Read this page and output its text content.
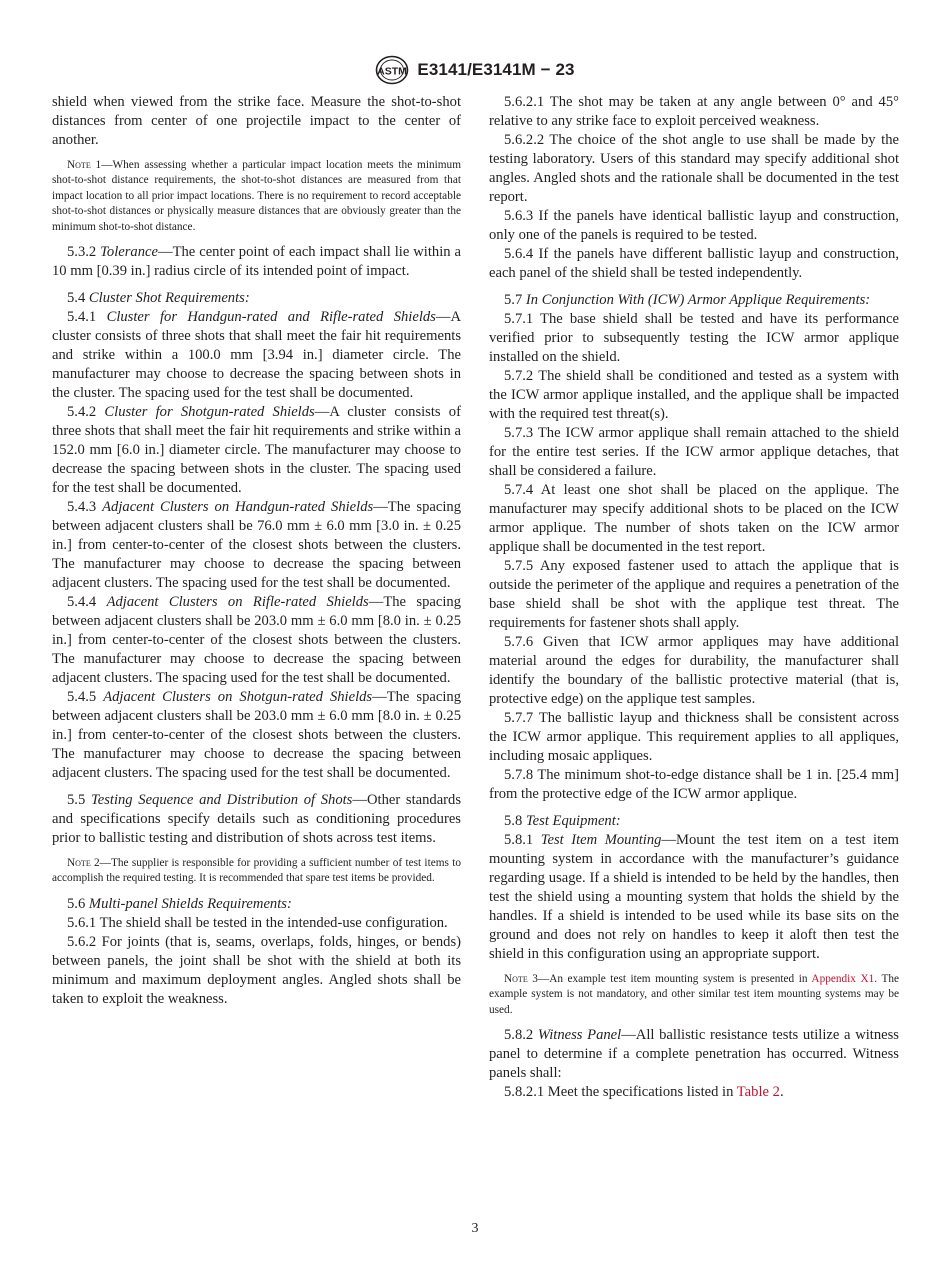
ASTM E3141/E3141M − 23

shield when viewed from the strike face. Measure the shot-to-shot distances from center of one projectile impact to the center of another.

Note 1—When assessing whether a particular impact location meets the minimum shot-to-shot distance requirements, the shot-to-shot distances are measured from that impact location to all prior impact locations. There is no requirement to record acceptable shot-to-shot distances or physically measure distances that are obviously greater than the minimum shot-to-shot distance.

5.3.2 Tolerance—The center point of each impact shall lie within a 10 mm [0.39 in.] radius circle of its intended point of impact.

5.4 Cluster Shot Requirements:

5.4.1 Cluster for Handgun-rated and Rifle-rated Shields—A cluster consists of three shots that shall meet the fair hit requirements and strike within a 100.0 mm [3.94 in.] diameter circle. The manufacturer may choose to decrease the spacing between shots in the cluster. The spacing used for the test shall be documented.

5.4.2 Cluster for Shotgun-rated Shields—A cluster consists of three shots that shall meet the fair hit requirements and strike within a 152.0 mm [6.0 in.] diameter circle. The manufacturer may choose to decrease the spacing between shots in the cluster. The spacing used for the test shall be documented.

5.4.3 Adjacent Clusters on Handgun-rated Shields—The spacing between adjacent clusters shall be 76.0 mm ± 6.0 mm [3.0 in. ± 0.25 in.] from center-to-center of the closest shots between the clusters. The manufacturer may choose to decrease the spacing between adjacent clusters. The spacing used for the test shall be documented.

5.4.4 Adjacent Clusters on Rifle-rated Shields—The spacing between adjacent clusters shall be 203.0 mm ± 6.0 mm [8.0 in. ± 0.25 in.] from center-to-center of the closest shots between the clusters. The manufacturer may choose to decrease the spacing between adjacent clusters. The spacing used for the test shall be documented.

5.4.5 Adjacent Clusters on Shotgun-rated Shields—The spacing between adjacent clusters shall be 203.0 mm ± 6.0 mm [8.0 in. ± 0.25 in.] from center-to-center of the closest shots between the clusters. The manufacturer may choose to decrease the spacing between adjacent clusters. The spacing used for the test shall be documented.

5.5 Testing Sequence and Distribution of Shots—Other standards and specifications specify details such as conditioning procedures prior to ballistic testing and distribution of shots across test items.

Note 2—The supplier is responsible for providing a sufficient number of test items to accomplish the required testing. It is recommended that spare test items be provided.

5.6 Multi-panel Shields Requirements:

5.6.1 The shield shall be tested in the intended-use configuration.

5.6.2 For joints (that is, seams, overlaps, folds, hinges, or bends) between panels, the joint shall be shot with the shield at both its minimum and maximum deployment angles. Angled shots shall be taken to exploit the weakness.

5.6.2.1 The shot may be taken at any angle between 0° and 45° relative to any strike face to exploit perceived weakness.

5.6.2.2 The choice of the shot angle to use shall be made by the testing laboratory. Users of this standard may specify additional shot angles. Angled shots and the rationale shall be documented in the test report.

5.6.3 If the panels have identical ballistic layup and construction, only one of the panels is required to be tested.

5.6.4 If the panels have different ballistic layup and construction, each panel of the shield shall be tested independently.

5.7 In Conjunction With (ICW) Armor Applique Requirements:

5.7.1 The base shield shall be tested and have its performance verified prior to subsequently testing the ICW armor applique installed on the shield.

5.7.2 The shield shall be conditioned and tested as a system with the ICW armor applique installed, and the applique shall be impacted with the required test threat(s).

5.7.3 The ICW armor applique shall remain attached to the shield for the entire test series. If the ICW armor applique detaches, that shall be considered a failure.

5.7.4 At least one shot shall be placed on the applique. The manufacturer may specify additional shots to be placed on the ICW armor applique. The number of shots taken on the ICW armor applique shall be documented in the test report.

5.7.5 Any exposed fastener used to attach the applique that is outside the perimeter of the applique and requires a penetration of the base shield shall be shot with the applique test threat. The requirements for fastener shots shall apply.

5.7.6 Given that ICW armor appliques may have additional material around the edges for durability, the manufacturer shall identify the boundary of the ballistic protective material (that is, protective edge) on the applique test samples.

5.7.7 The ballistic layup and thickness shall be consistent across the ICW armor applique. This requirement applies to all appliques, including mosaic appliques.

5.7.8 The minimum shot-to-edge distance shall be 1 in. [25.4 mm] from the protective edge of the ICW armor applique.

5.8 Test Equipment:

5.8.1 Test Item Mounting—Mount the test item on a test item mounting system in accordance with the manufacturer’s guidance regarding usage. If a shield is intended to be held by the handles, then test the shield using a mounting system that holds the shield by the handles. If a shield is intended to be used while its base sits on the ground and does not rely on handles to keep it aloft then test the shield in this configuration using an appropriate support.

Note 3—An example test item mounting system is presented in Appendix X1. The example system is not mandatory, and other similar test item mounting systems may be used.

5.8.2 Witness Panel—All ballistic resistance tests utilize a witness panel to determine if a complete penetration has occurred. Witness panels shall:

5.8.2.1 Meet the specifications listed in Table 2.

3
